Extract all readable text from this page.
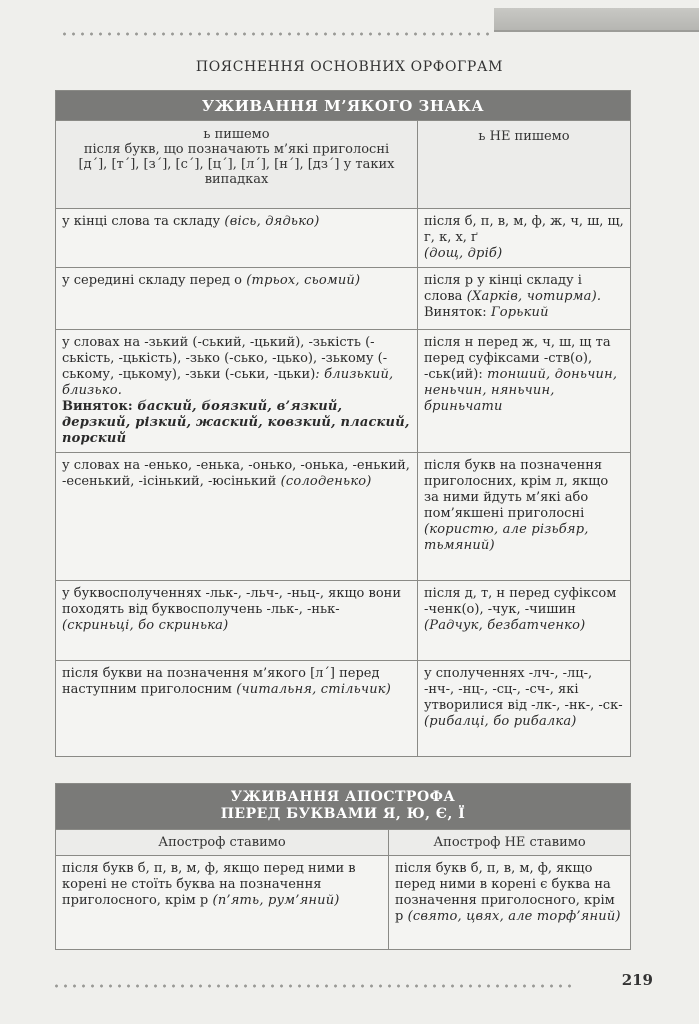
ПОЯСНЕННЯ ОСНОВНИХ ОРФОГРАМ
УЖИВАННЯ М’ЯКОГО ЗНАКА	
ь пишемо
після букв, що позначають м’які приголосні
[д´], [т´], [з´], [с´], [ц´], [л´], [н´], [дз´] у таких випадках	ь НЕ пишемо
у кінці слова та складу (вісь, дядько)	після б, п, в, м, ф, ж, ч, ш, щ, г, к, х, ґ
(дощ, дріб)
у середині складу перед о (трьох, сьомий)	після р у кінці складу і слова (Харків, чотирма).
Виняток: Горький
у словах на -зький (-ський, -цький), -зькість (-ськість, -цькість), -зько (-сько, -цько), -зькому (-ському, -цькому), -зьки (-ськи, -цьки): близький, близько.
Виняток: баский, боязкий, в’язкий, дерзкий, різкий, жаский, ковзкий, плаский, порский	після н перед ж, ч, ш, щ та перед суфіксами -ств(о), -ськ(ий): тонший, доньчин, неньчин, няньчин, бриньчати
у словах на -енько, -енька, -онько, -онька, -енький, -есенький, -ісінький, -юсінький (солоденько)	після букв на позначення приголосних, крім л, якщо за ними йдуть м’які або пом’якшені приголосні
(користю, але різьбяр, тьмяний)
у буквосполученнях -льк-, -льч-, -ньц-, якщо вони походять від буквосполучень -льк-, -ньк-
(скриньці, бо скринька)	після д, т, н перед суфіксом -ченк(о), -чук, -чишин (Радчук, безбатченко)
після букви на позначення м’якого [л´] перед наступним приголосним (читальня, стільчик)	у сполученнях -лч-, -лц-, -нч-, -нц-, -сц-, -сч-, які утворилися від -лк-, -нк-, -ск-
(рибалці, бо рибалка)
УЖИВАННЯ АПОСТРОФА
ПЕРЕД БУКВАМИ Я, Ю, Є, Ї	

Апостроф ставимо	Апостроф НЕ ставимо
після букв б, п, в, м, ф, якщо перед ними в корені не стоїть буква на позначення приголосного, крім р (п’ять, рум’яний)	після букв б, п, в, м, ф, якщо перед ними в корені є буква на позначення приголосного, крім р (свято, цвях, але торф’яний)
219
